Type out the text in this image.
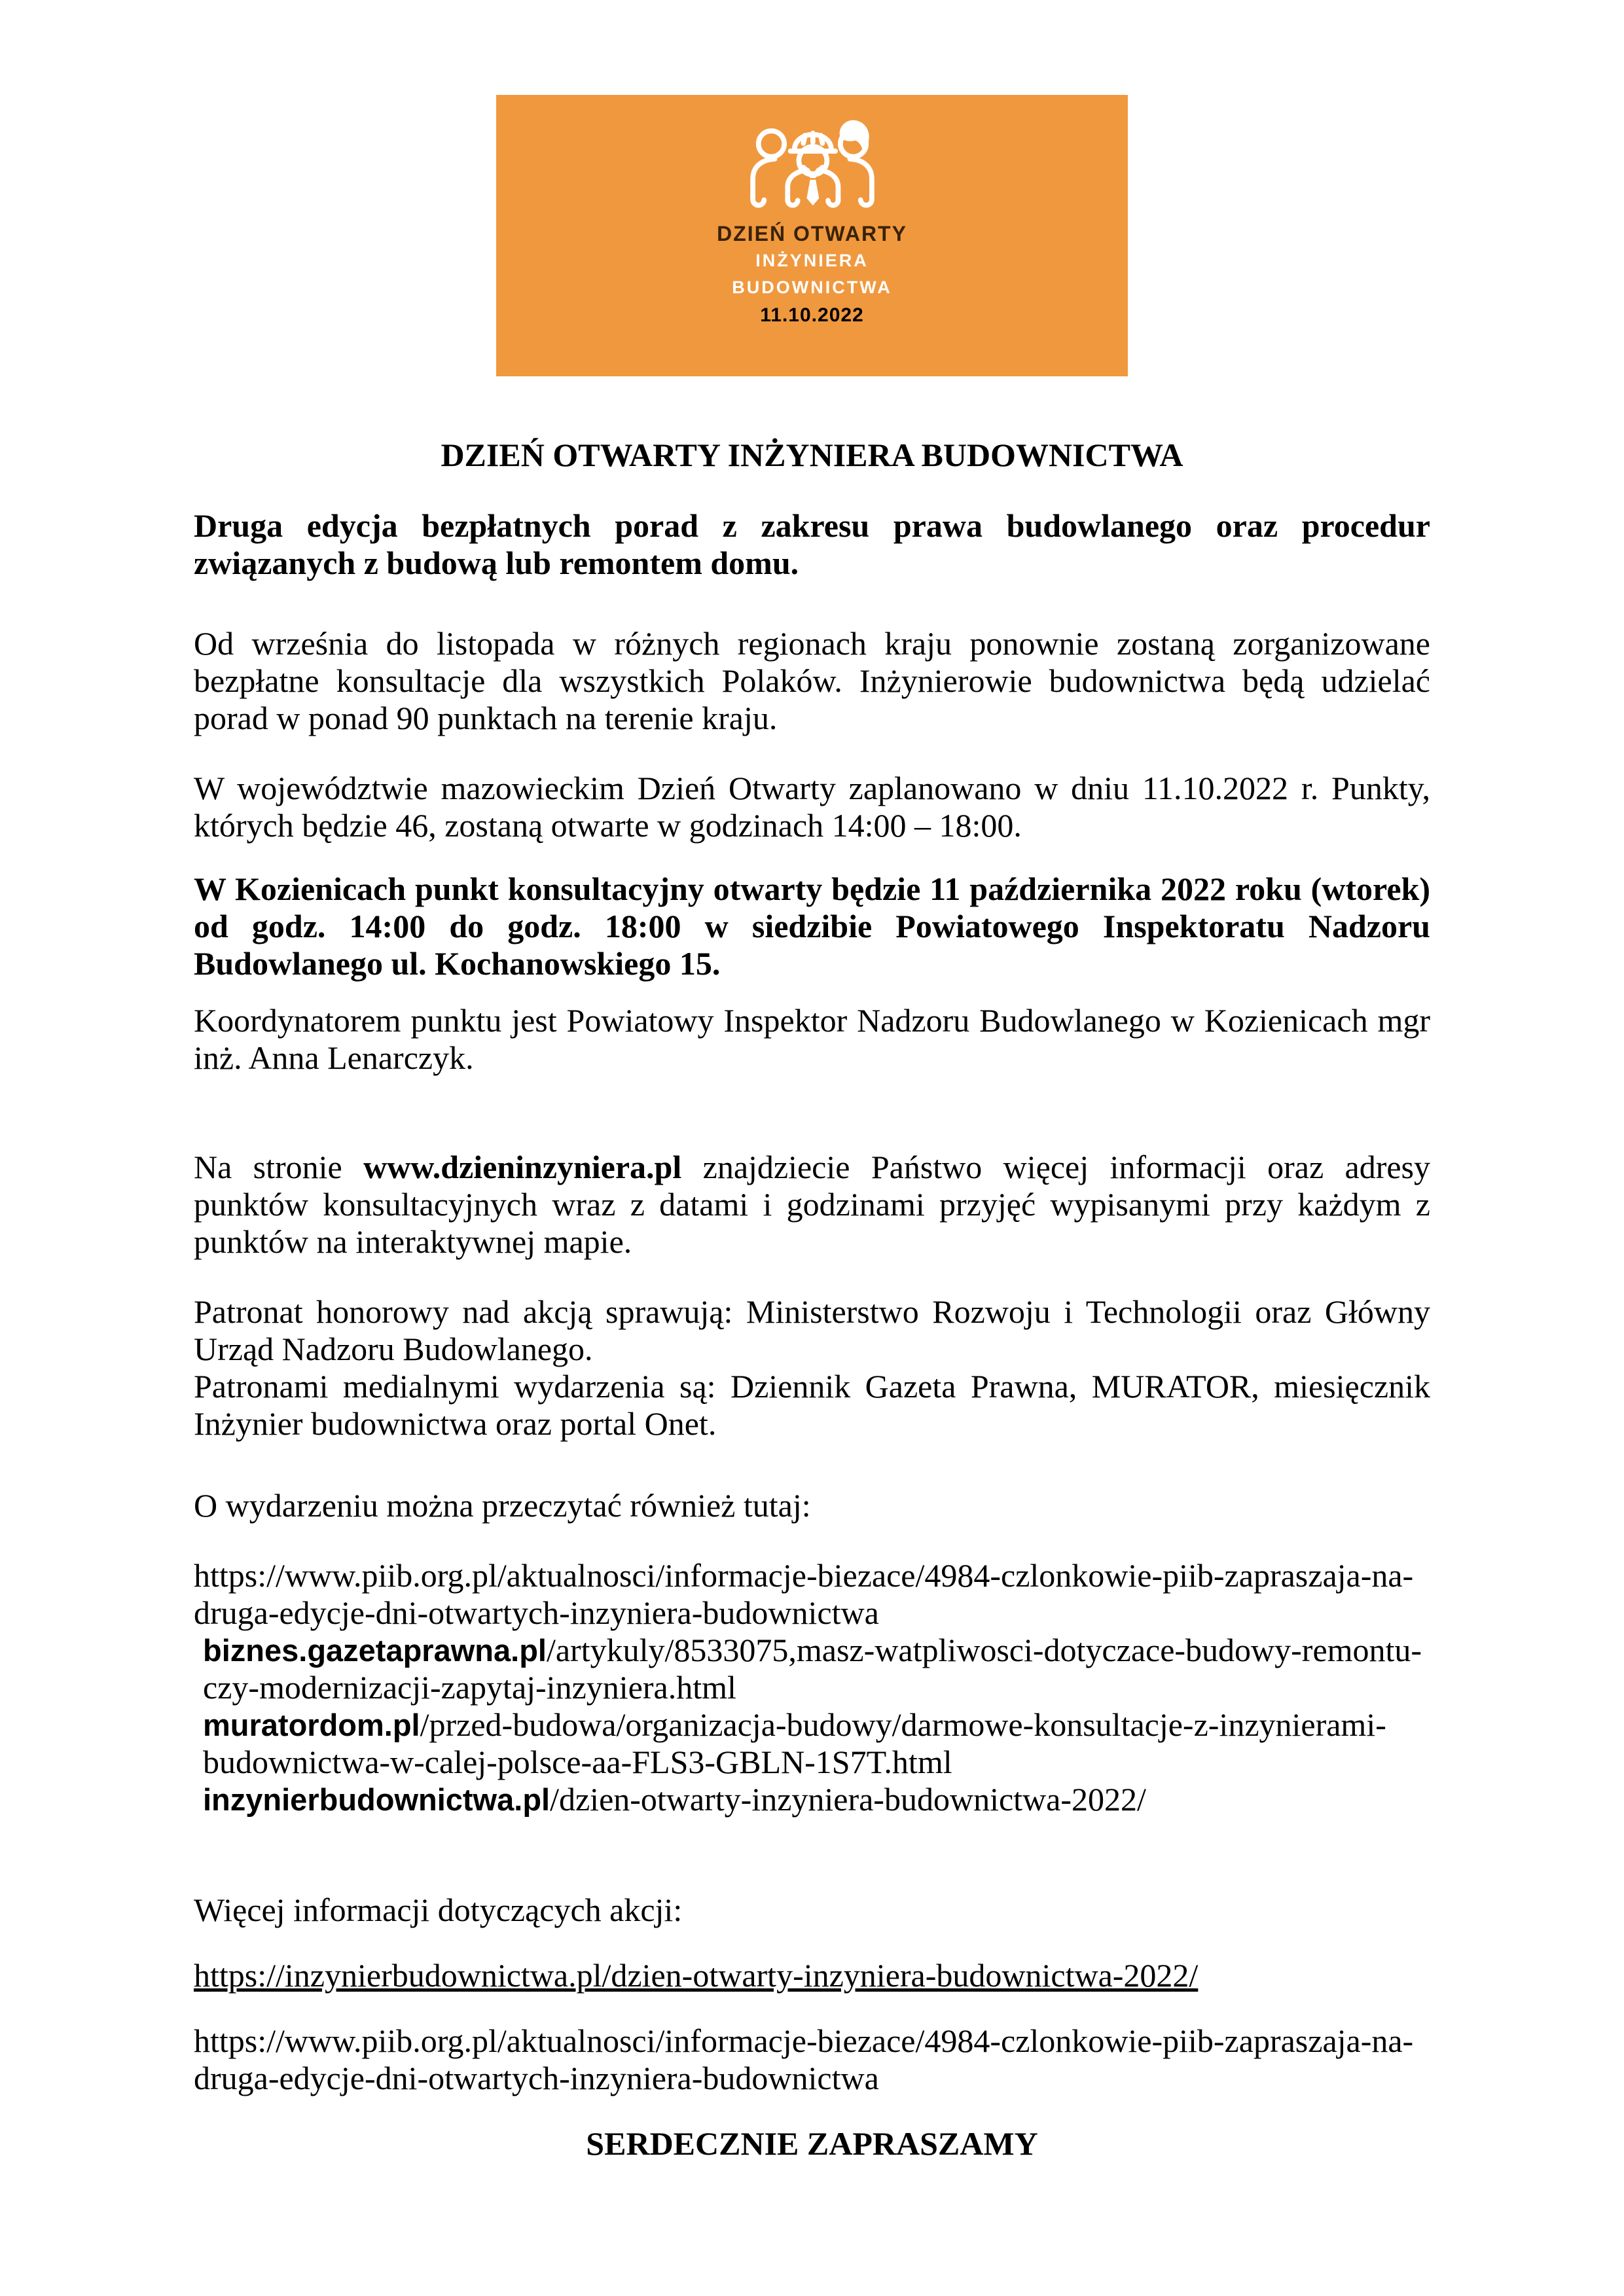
DZIEŃ OTWARTY
INŻYNIERA
BUDOWNICTWA
11.10.2022
DZIEŃ OTWARTY INŻYNIERA BUDOWNICTWA

Druga edycja bezpłatnych porad z zakresu prawa budowlanego oraz procedur związanych z budową lub remontem domu.

Od września do listopada w różnych regionach kraju ponownie zostaną zorganizowane bezpłatne konsultacje dla wszystkich Polaków. Inżynierowie budownictwa będą udzielać porad w ponad 90 punktach na terenie kraju.

W województwie mazowieckim Dzień Otwarty zaplanowano w dniu 11.10.2022 r. Punkty, których będzie 46, zostaną otwarte w godzinach 14:00 – 18:00.

W Kozienicach punkt konsultacyjny otwarty będzie 11 października 2022 roku (wtorek) od godz. 14:00 do godz. 18:00 w siedzibie Powiatowego Inspektoratu Nadzoru Budowlanego ul. Kochanowskiego 15.

Koordynatorem punktu jest Powiatowy Inspektor Nadzoru Budowlanego w Kozienicach mgr inż. Anna Lenarczyk.

Na stronie www.dzieninzyniera.pl znajdziecie Państwo więcej informacji oraz adresy punktów konsultacyjnych wraz z datami i godzinami przyjęć wypisanymi przy każdym z punktów na interaktywnej mapie.

Patronat honorowy nad akcją sprawują: Ministerstwo Rozwoju i Technologii oraz Główny Urząd Nadzoru Budowlanego.

Patronami medialnymi wydarzenia są: Dziennik Gazeta Prawna, MURATOR, miesięcznik Inżynier budownictwa oraz portal Onet.

O wydarzeniu można przeczytać również tutaj:

https://www.piib.org.pl/aktualnosci/informacje-biezace/4984-czlonkowie-piib-zapraszaja-na-druga-edycje-dni-otwartych-inzyniera-budownictwa

biznes.gazetaprawna.pl/artykuly/8533075,masz-watpliwosci-dotyczace-budowy-remontu-czy-modernizacji-zapytaj-inzyniera.html

muratordom.pl/przed-budowa/organizacja-budowy/darmowe-konsultacje-z-inzynierami-budownictwa-w-calej-polsce-aa-FLS3-GBLN-1S7T.html

inzynierbudownictwa.pl/dzien-otwarty-inzyniera-budownictwa-2022/

Więcej informacji dotyczących akcji:

https://inzynierbudownictwa.pl/dzien-otwarty-inzyniera-budownictwa-2022/

https://www.piib.org.pl/aktualnosci/informacje-biezace/4984-czlonkowie-piib-zapraszaja-na-druga-edycje-dni-otwartych-inzyniera-budownictwa

SERDECZNIE ZAPRASZAMY
